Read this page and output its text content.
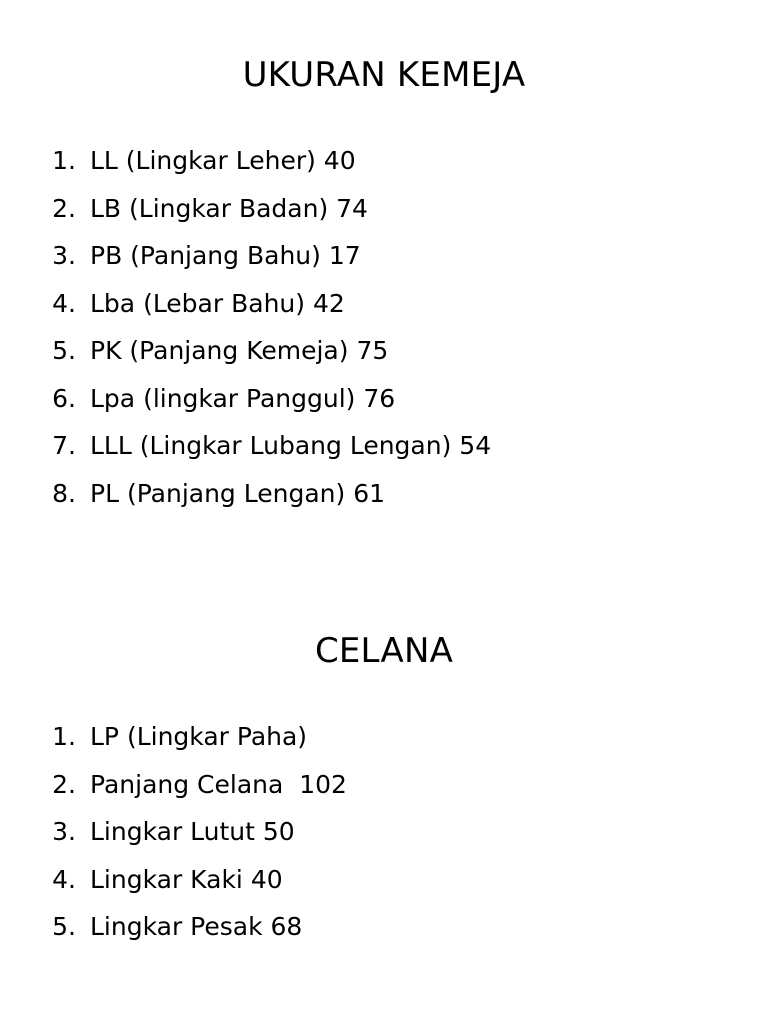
UKURAN KEMEJA
1. LL (Lingkar Leher) 40
2. LB (Lingkar Badan) 74
3. PB (Panjang Bahu) 17
4. Lba (Lebar Bahu) 42
5. PK (Panjang Kemeja) 75
6. Lpa (lingkar Panggul) 76
7. LLL (Lingkar Lubang Lengan) 54
8. PL (Panjang Lengan) 61
CELANA
1. LP (Lingkar Paha)
2. Panjang Celana  102
3. Lingkar Lutut 50
4. Lingkar Kaki 40
5. Lingkar Pesak 68
